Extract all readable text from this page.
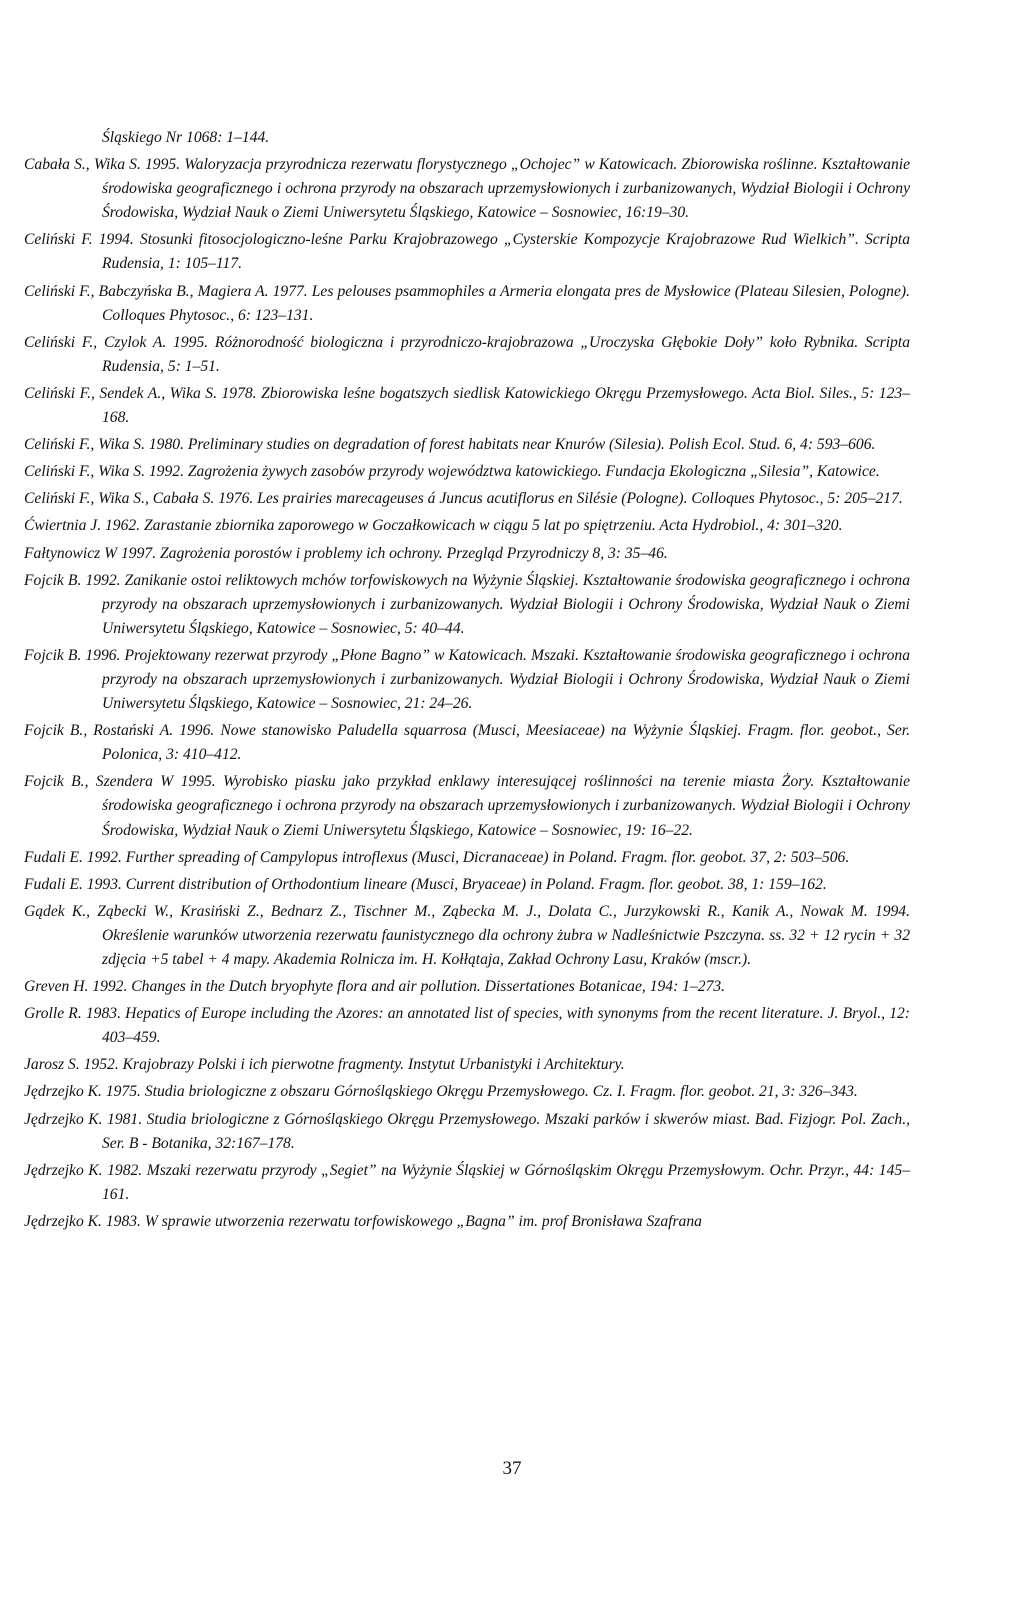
Śląskiego Nr 1068: 1–144.

Cabała S., Wika S. 1995. Waloryzacja przyrodnicza rezerwatu florystycznego „Ochojec” w Katowicach. Zbiorowiska roślinne. Kształtowanie środowiska geograficznego i ochrona przyrody na obszarach uprzemysłowionych i zurbanizowanych, Wydział Biologii i Ochrony Środowiska, Wydział Nauk o Ziemi Uniwersytetu Śląskiego, Katowice – Sosnowiec, 16:19–30.

Celiński F. 1994. Stosunki fitosocjologiczno-leśne Parku Krajobrazowego „Cysterskie Kompozycje Krajobrazowe Rud Wielkich”. Scripta Rudensia, 1: 105–117.

Celiński F., Babczyńska B., Magiera A. 1977. Les pelouses psammophiles a Armeria elongata pres de Mysłowice (Plateau Silesien, Pologne). Colloques Phytosoc., 6: 123–131.

Celiński F., Czylok A. 1995. Różnorodność biologiczna i przyrodniczo-krajobrazowa „Uroczyska Głębokie Doły” koło Rybnika. Scripta Rudensia, 5: 1–51.

Celiński F., Sendek A., Wika S. 1978. Zbiorowiska leśne bogatszych siedlisk Katowickiego Okręgu Przemysłowego. Acta Biol. Siles., 5: 123–168.

Celiński F., Wika S. 1980. Preliminary studies on degradation of forest habitats near Knurów (Silesia). Polish Ecol. Stud. 6, 4: 593–606.

Celiński F., Wika S. 1992. Zagrożenia żywych zasobów przyrody województwa katowickiego. Fundacja Ekologiczna „Silesia”, Katowice.

Celiński F., Wika S., Cabała S. 1976. Les prairies marecageuses á Juncus acutiflorus en Silésie (Pologne). Colloques Phytosoc., 5: 205–217.

Ćwiertnia J. 1962. Zarastanie zbiornika zaporowego w Goczałkowicach w ciągu 5 lat po spiętrzeniu. Acta Hydrobiol., 4: 301–320.

Fałtynowicz W 1997. Zagrożenia porostów i problemy ich ochrony. Przegląd Przyrodniczy 8, 3: 35–46.

Fojcik B. 1992. Zanikanie ostoi reliktowych mchów torfowiskowych na Wyżynie Śląskiej. Kształtowanie środowiska geograficznego i ochrona przyrody na obszarach uprzemysłowionych i zurbanizowanych. Wydział Biologii i Ochrony Środowiska, Wydział Nauk o Ziemi Uniwersytetu Śląskiego, Katowice – Sosnowiec, 5: 40–44.

Fojcik B. 1996. Projektowany rezerwat przyrody „Płone Bagno” w Katowicach. Mszaki. Kształtowanie środowiska geograficznego i ochrona przyrody na obszarach uprzemysłowionych i zurbanizowanych. Wydział Biologii i Ochrony Środowiska, Wydział Nauk o Ziemi Uniwersytetu Śląskiego, Katowice – Sosnowiec, 21: 24–26.

Fojcik B., Rostański A. 1996. Nowe stanowisko Paludella squarrosa (Musci, Meesiaceae) na Wyżynie Śląskiej. Fragm. flor. geobot., Ser. Polonica, 3: 410–412.

Fojcik B., Szendera W 1995. Wyrobisko piasku jako przykład enklawy interesującej roślinności na terenie miasta Żory. Kształtowanie środowiska geograficznego i ochrona przyrody na obszarach uprzemysłowionych i zurbanizowanych. Wydział Biologii i Ochrony Środowiska, Wydział Nauk o Ziemi Uniwersytetu Śląskiego, Katowice – Sosnowiec, 19: 16–22.

Fudali E. 1992. Further spreading of Campylopus introflexus (Musci, Dicranaceae) in Poland. Fragm. flor. geobot. 37, 2: 503–506.

Fudali E. 1993. Current distribution of Orthodontium lineare (Musci, Bryaceae) in Poland. Fragm. flor. geobot. 38, 1: 159–162.

Gądek K., Ząbecki W., Krasiński Z., Bednarz Z., Tischner M., Ząbecka M. J., Dolata C., Jurzykowski R., Kanik A., Nowak M. 1994. Określenie warunków utworzenia rezerwatu faunistycznego dla ochrony żubra w Nadleśnictwie Pszczyna. ss. 32 + 12 rycin + 32 zdjęcia +5 tabel + 4 mapy. Akademia Rolnicza im. H. Kołłątaja, Zakład Ochrony Lasu, Kraków (mscr.).

Greven H. 1992. Changes in the Dutch bryophyte flora and air pollution. Dissertationes Botanicae, 194: 1–273.

Grolle R. 1983. Hepatics of Europe including the Azores: an annotated list of species, with synonyms from the recent literature. J. Bryol., 12: 403–459.

Jarosz S. 1952. Krajobrazy Polski i ich pierwotne fragmenty. Instytut Urbanistyki i Architektury.

Jędrzejko K. 1975. Studia briologiczne z obszaru Górnośląskiego Okręgu Przemysłowego. Cz. I. Fragm. flor. geobot. 21, 3: 326–343.

Jędrzejko K. 1981. Studia briologiczne z Górnośląskiego Okręgu Przemysłowego. Mszaki parków i skwerów miast. Bad. Fizjogr. Pol. Zach., Ser. B - Botanika, 32:167–178.

Jędrzejko K. 1982. Mszaki rezerwatu przyrody „Segiet” na Wyżynie Śląskiej w Górnośląskim Okręgu Przemysłowym. Ochr. Przyr., 44: 145–161.

Jędrzejko K. 1983. W sprawie utworzenia rezerwatu torfowiskowego „Bagna” im. prof Bronisława Szafrana

37
